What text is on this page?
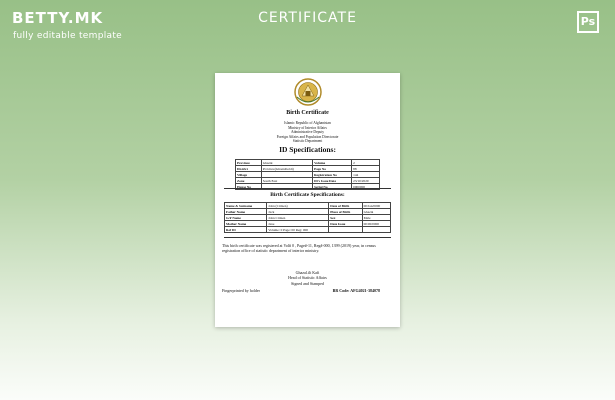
BETTY.MK
fully editable template
CERTIFICATE	Ps
Birth Certificate
Islamic Republic of Afghanistan
Ministry of Interior Affairs
Administrative Deputy
Foreign Affairs and Population Directorate
Statistic Department
ID Specifications:
Province	Ghazni	Volume	2
District	Province(Ghazniboldi)	Page No	88
Village		Registration No	144
Zone	South East	ID's Issue Date	23/10/2020
House No		Serial No	0000000
Birth Certificate Specifications:
Name & Surname	John (Citizen)	Date of Birth	00/Jan/0000
Father Name	Jack	Place of Birth	Ghazni
G/F Name	John Citizen	Sex	Male
Mother Name	Jane	Date Issue	00/00/0000
Ref ID	Volume: 0 Page: 00 Reg: 000		
This birth certificate was registered at Vol# 0 , Page#-11, Reg#-000, 1399 (2019) year, in census registration office of statistic department of interior ministry.
Ghazal.ilt Kafi
Head of Statistic Affairs
Signed and Stamped
Fingerprinted by holder	BR Code: AFG4021-384078
